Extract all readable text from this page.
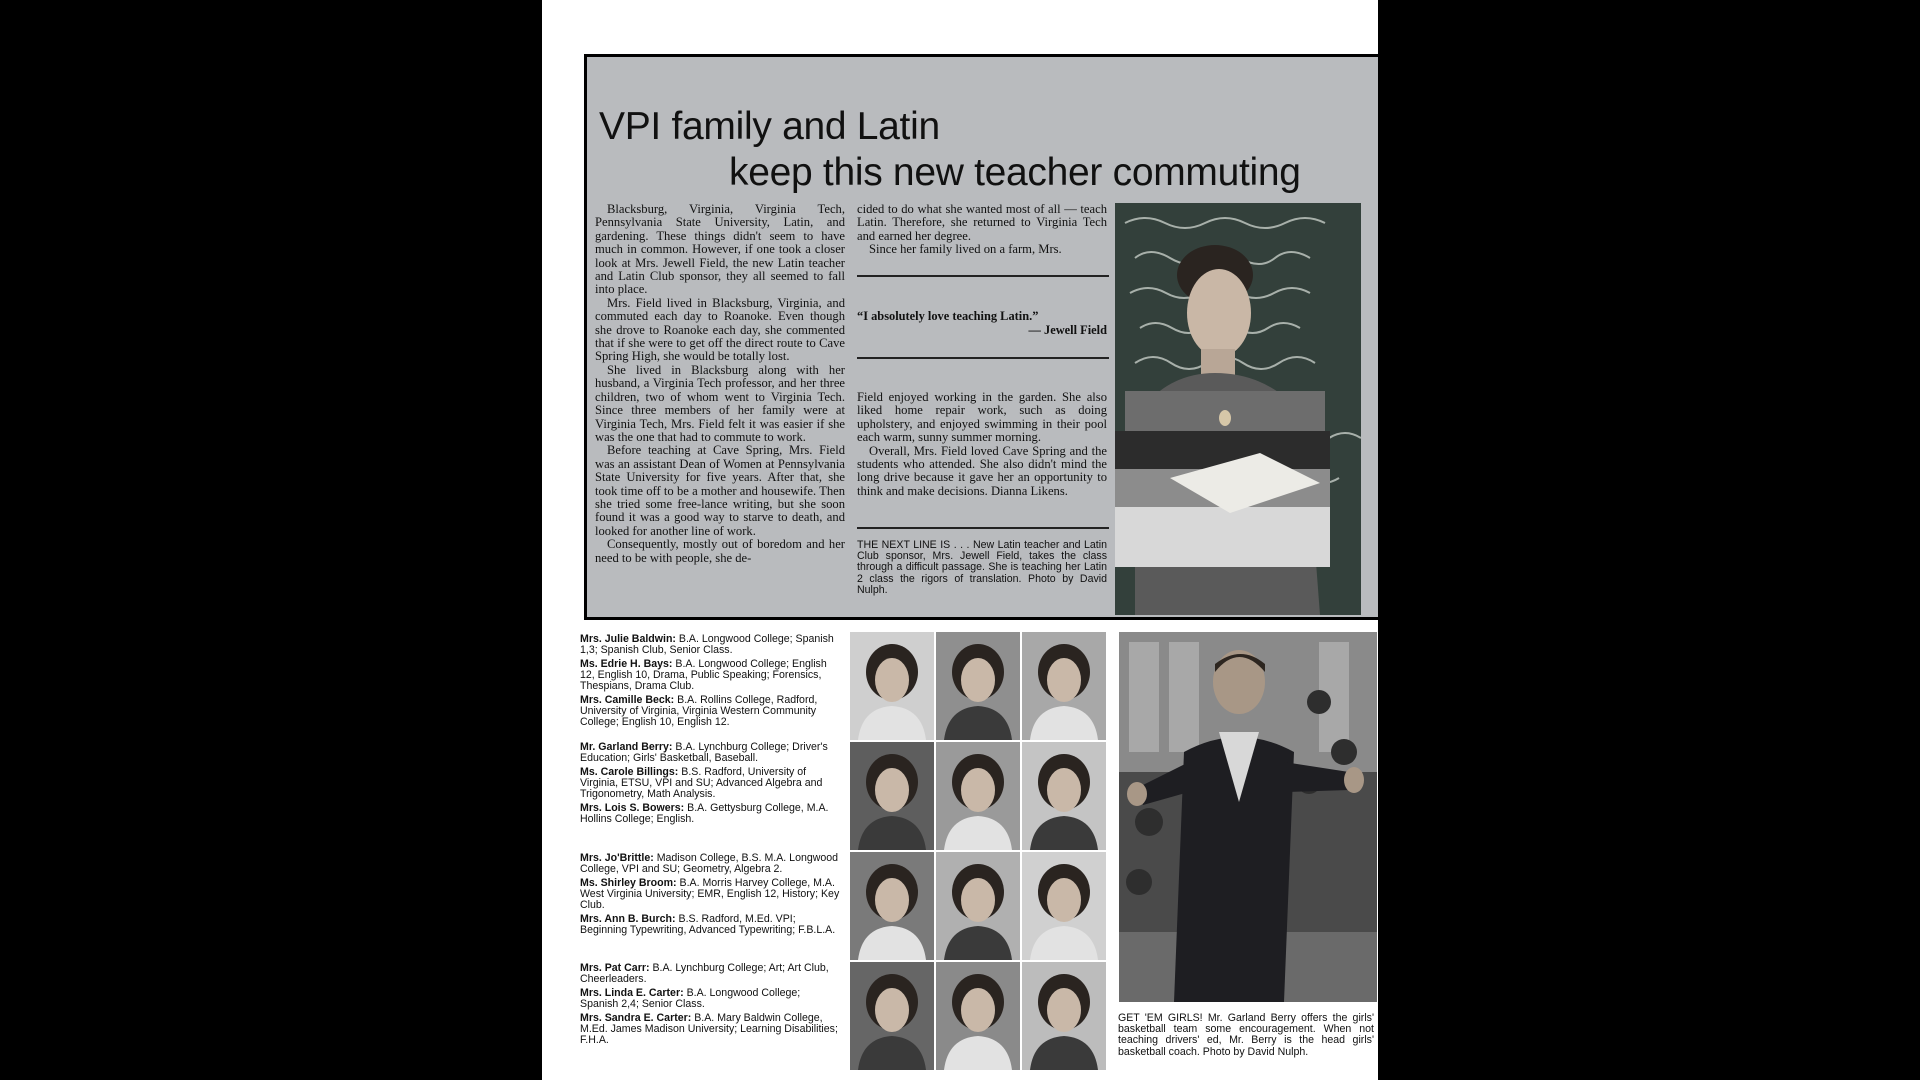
VPI family and Latin
keep this new teacher commuting

Blacksburg, Virginia, Virginia Tech, Pennsylvania State University, Latin, and gardening. These things didn't seem to have much in common. However, if one took a closer look at Mrs. Jewell Field, the new Latin teacher and Latin Club sponsor, they all seemed to fall into place.

Mrs. Field lived in Blacksburg, Virginia, and commuted each day to Roanoke. Even though she drove to Roanoke each day, she commented that if she were to get off the direct route to Cave Spring High, she would be totally lost.

She lived in Blacksburg along with her husband, a Virginia Tech professor, and her three children, two of whom went to Virginia Tech. Since three members of her family were at Virginia Tech, Mrs. Field felt it was easier if she was the one that had to commute to work.

Before teaching at Cave Spring, Mrs. Field was an assistant Dean of Women at Pennsylvania State University for five years. After that, she took time off to be a mother and housewife. Then she tried some free-lance writing, but she soon found it was a good way to starve to death, and looked for another line of work.

Consequently, mostly out of boredom and her need to be with people, she de-

cided to do what she wanted most of all — teach Latin. Therefore, she returned to Virginia Tech and earned her degree.

Since her family lived on a farm, Mrs.

“I absolutely love teaching Latin.”
— Jewell Field

Field enjoyed working in the garden. She also liked home repair work, such as doing upholstery, and enjoyed swimming in their pool each warm, sunny summer morning.

Overall, Mrs. Field loved Cave Spring and the students who attended. She also didn't mind the long drive because it gave her an opportunity to think and make decisions. Dianna Likens.

THE NEXT LINE IS . . . New Latin teacher and Latin Club sponsor, Mrs. Jewell Field, takes the class through a difficult passage. She is teaching her Latin 2 class the rigors of translation. Photo by David Nulph.
Mrs. Julie Baldwin: B.A. Longwood College; Spanish 1,3; Spanish Club, Senior Class.
Ms. Edrie H. Bays: B.A. Longwood College; English 12, English 10, Drama, Public Speaking; Forensics, Thespians, Drama Club.
Mrs. Camille Beck: B.A. Rollins College, Radford, University of Virginia, Virginia Western Community College; English 10, English 12.
Mr. Garland Berry: B.A. Lynchburg College; Driver's Education; Girls' Basketball, Baseball.
Ms. Carole Billings: B.S. Radford, University of Virginia, ETSU, VPI and SU; Advanced Algebra and Trigonometry, Math Analysis.
Mrs. Lois S. Bowers: B.A. Gettysburg College, M.A. Hollins College; English.
Mrs. Jo'Brittle: Madison College, B.S. M.A. Longwood College, VPI and SU; Geometry, Algebra 2.
Ms. Shirley Broom: B.A. Morris Harvey College, M.A. West Virginia University; EMR, English 12, History; Key Club.
Mrs. Ann B. Burch: B.S. Radford, M.Ed. VPI; Beginning Typewriting, Advanced Typewriting; F.B.L.A.
Mrs. Pat Carr: B.A. Lynchburg College; Art; Art Club, Cheerleaders.
Mrs. Linda E. Carter: B.A. Longwood College; Spanish 2,4; Senior Class.
Mrs. Sandra E. Carter: B.A. Mary Baldwin College, M.Ed. James Madison University; Learning Disabilities; F.H.A.
GET 'EM GIRLS! Mr. Garland Berry offers the girls' basketball team some encouragement. When not teaching drivers' ed, Mr. Berry is the head girls' basketball coach. Photo by David Nulph.
